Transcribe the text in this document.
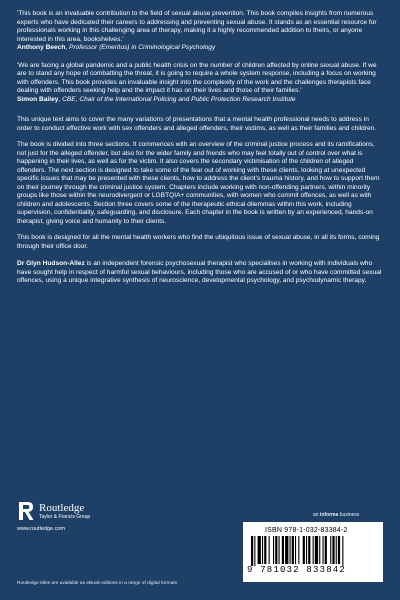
'This book is an invaluable contribution to the field of sexual abuse prevention. This book compiles insights from numerous experts who have dedicated their careers to addressing and preventing sexual abuse. It stands as an essential resource for professionals working in this challenging area of therapy, making it a highly recommended addition to theirs, or anyone interested in this area, bookshelves.'
Anthony Beech, Professor (Emeritus) in Criminological Psychology

'We are facing a global pandemic and a public health crisis on the number of children affected by online sexual abuse. If we are to stand any hope of combatting the threat, it is going to require a whole system response, including a focus on working with offenders. This book provides an invaluable insight into the complexity of the work and the challenges therapists face dealing with offenders seeking help and the impact it has on their lives and those of their families.'
Simon Bailey, CBE, Chair of the International Policing and Public Protection Research Institute

This unique text aims to cover the many variations of presentations that a mental health professional needs to address in order to conduct effective work with sex offenders and alleged offenders, their victims, as well as their families and children.

The book is divided into three sections. It commences with an overview of the criminal justice process and its ramifications, not just for the alleged offender, but also for the wider family and friends who may feel totally out of control over what is happening in their lives, as well as for the victim. It also covers the secondary victimisation of the children of alleged offenders. The next section is designed to take some of the fear out of working with these clients, looking at unexpected specific issues that may be presented with these clients, how to address the client's trauma history, and how to support them on their journey through the criminal justice system. Chapters include working with non-offending partners, within minority groups like those within the neurodivergent or LGBTQIA+ communities, with women who commit offences, as well as with children and adolescents. Section three covers some of the therapeutic ethical dilemmas within this work, including supervision, confidentiality, safeguarding, and disclosure. Each chapter in the book is written by an experienced, hands-on therapist, giving voice and humanity to their clients.

This book is designed for all the mental health workers who find the ubiquitous issue of sexual abuse, in all its forms, coming through their office door.

Dr Glyn Hudson-Allez is an independent forensic psychosexual therapist who specialises in working with individuals who have sought help in respect of harmful sexual behaviours, including those who are accused of or who have committed sexual offences, using a unique integrative synthesis of neuroscience, developmental psychology, and psychodynamic therapy.

Routledge
Taylor & Francis Group
www.routledge.com
Routledge titles are available as eBook editions in a range of digital formats
an informa business
ISBN 978-1-032-83384-2
9 781032 833842
